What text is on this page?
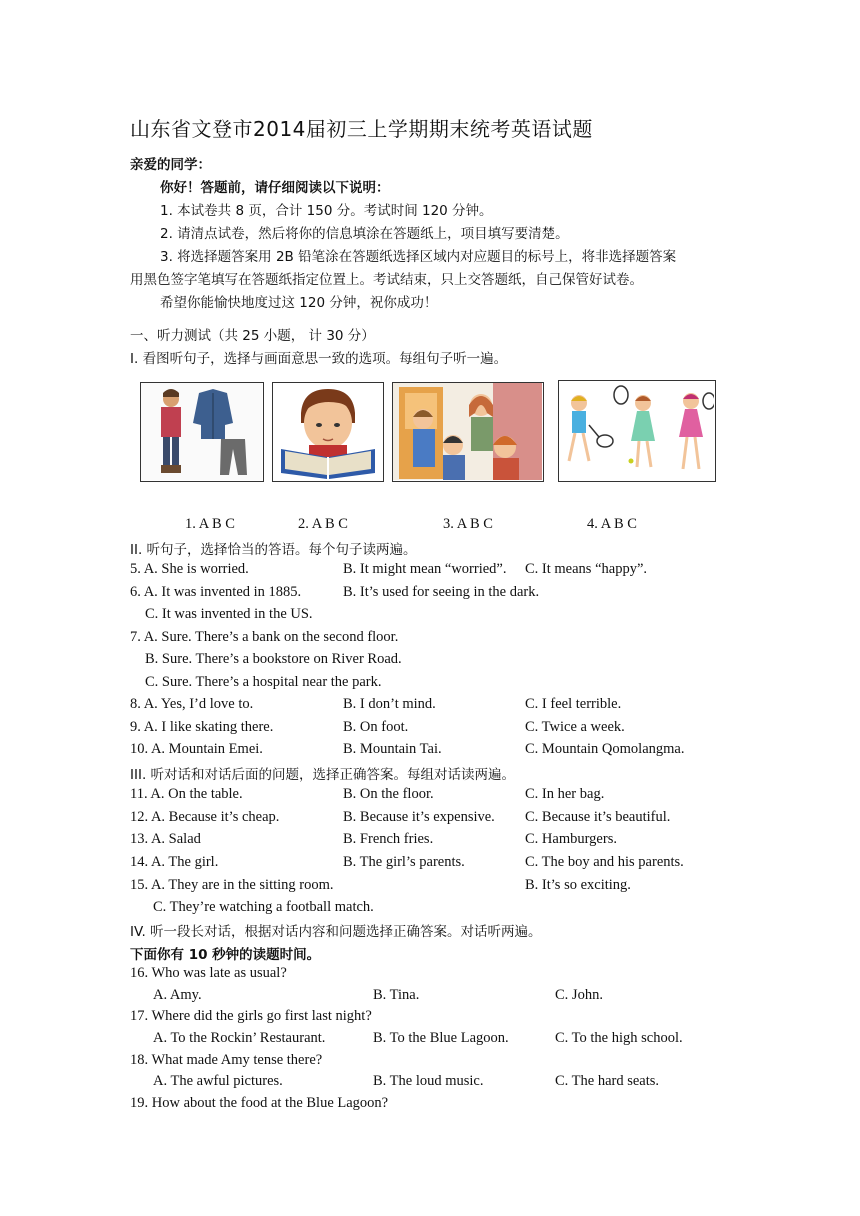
山东省文登市2014届初三上学期期末统考英语试题
亲爱的同学：
你好！答题前，请仔细阅读以下说明：
1. 本试卷共 8 页，合计 150 分。考试时间 120 分钟。
2. 请清点试卷，然后将你的信息填涂在答题纸上，项目填写要清楚。
3. 将选择题答案用 2B 铅笔涂在答题纸选择区域内对应题目的标号上，将非选择题答案
用黑色签字笔填写在答题纸指定位置上。考试结束，只上交答题纸，自己保管好试卷。
希望你能愉快地度过这 120 分钟，祝你成功！
一、听力测试（共 25 小题， 计 30 分）
I. 看图听句子，选择与画面意思一致的选项。每组句子听一遍。
1. A B C	2. A B C	3. A B C	4. A B C
II. 听句子，选择恰当的答语。每个句子读两遍。
5. A. She is worried.	B. It might mean “worried”. C. It means “happy”.
6. A. It was invented in 1885.	B. It’s used for seeing in the dark.
C. It was invented in the US.
7. A. Sure. There’s a bank on the second floor.
B. Sure. There’s a bookstore on River Road.
C. Sure. There’s a hospital near the park.
8. A. Yes, I’d love to.	B. I don’t mind.	C. I feel terrible.
9. A. I like skating there.	B. On foot.	C. Twice a week.
10. A. Mountain Emei.	B. Mountain Tai.	C. Mountain Qomolangma.
III. 听对话和对话后面的问题，选择正确答案。每组对话读两遍。
11. A. On the table.	B. On the floor.	C. In her bag.
12. A. Because it’s cheap.	B. Because it’s expensive. C. Because it’s beautiful.
13. A. Salad	B. French fries.	C. Hamburgers.
14. A. The girl.	B. The girl’s parents.	C. The boy and his parents.
15. A. They are in the sitting room.	B. It’s so exciting.
C. They’re watching a football match.
IV. 听一段长对话，根据对话内容和问题选择正确答案。对话听两遍。
下面你有 10 秒钟的读题时间。
16. Who was late as usual?
A. Amy.	B. Tina.	C. John.
17. Where did the girls go first last night?
A. To the Rockin’ Restaurant.	B. To the Blue Lagoon.	C. To the high school.
18. What made Amy tense there?
A. The awful pictures.	B. The loud music.	C. The hard seats.
19. How about the food at the Blue Lagoon?
